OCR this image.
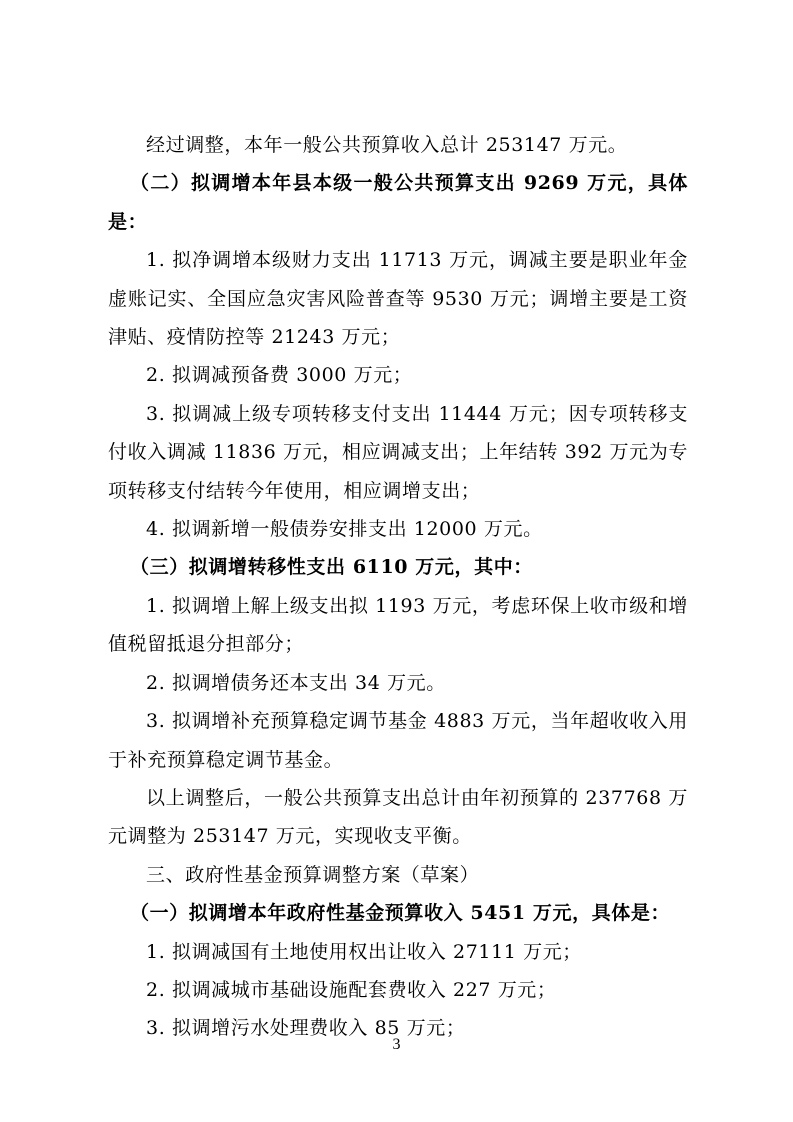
经过调整，本年一般公共预算收入总计 253147 万元。

（二）拟调增本年县本级一般公共预算支出 9269 万元，具体是：

1. 拟净调增本级财力支出 11713 万元，调减主要是职业年金虚账记实、全国应急灾害风险普查等 9530 万元；调增主要是工资津贴、疫情防控等 21243 万元；

2. 拟调减预备费 3000 万元；

3. 拟调减上级专项转移支付支出 11444 万元；因专项转移支付收入调减 11836 万元，相应调减支出；上年结转 392 万元为专项转移支付结转今年使用，相应调增支出；

4. 拟调新增一般债券安排支出 12000 万元。

（三）拟调增转移性支出 6110 万元，其中：

1. 拟调增上解上级支出拟 1193 万元，考虑环保上收市级和增值税留抵退分担部分；

2. 拟调增债务还本支出 34 万元。

3. 拟调增补充预算稳定调节基金 4883 万元，当年超收收入用于补充预算稳定调节基金。

以上调整后，一般公共预算支出总计由年初预算的 237768 万元调整为 253147 万元，实现收支平衡。

三、政府性基金预算调整方案（草案）

（一）拟调增本年政府性基金预算收入 5451 万元，具体是：

1. 拟调减国有土地使用权出让收入 27111 万元；

2. 拟调减城市基础设施配套费收入 227 万元；

3. 拟调增污水处理费收入 85 万元；

3
